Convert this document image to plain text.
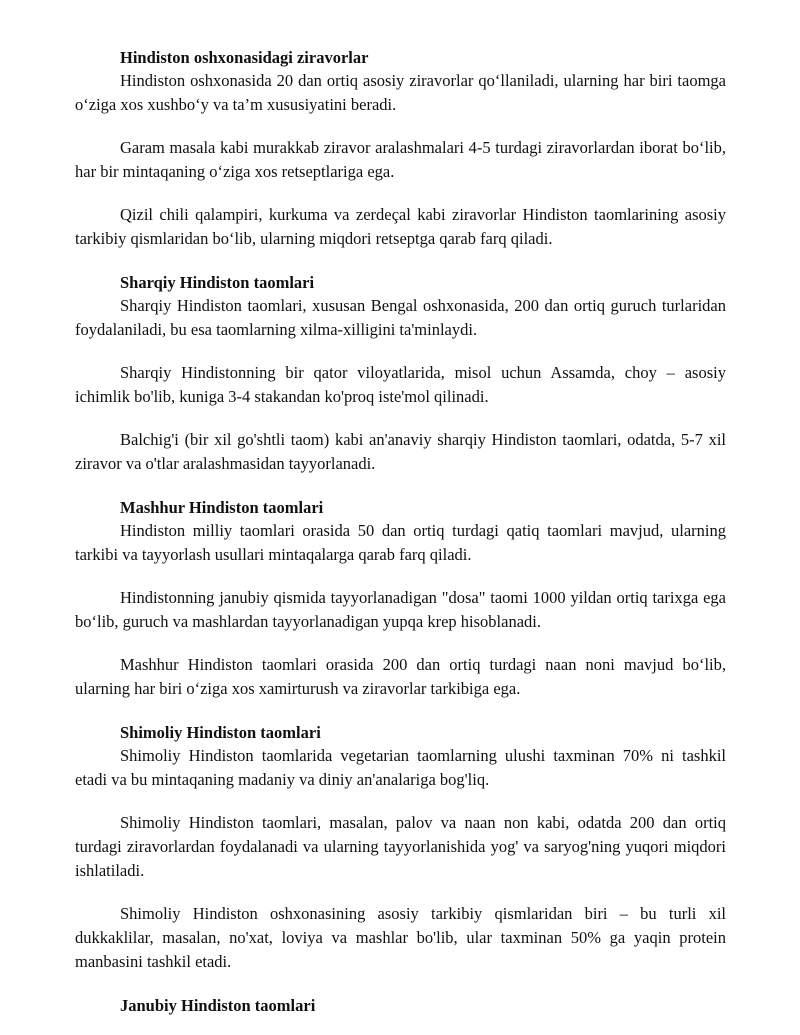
Hindiston oshxonasidagi ziravorlar

Hindiston oshxonasida 20 dan ortiq asosiy ziravorlar qo‘llaniladi, ularning har biri taomga o‘ziga xos xushbo‘y va ta’m xususiyatini beradi.

Garam masala kabi murakkab ziravor aralashmalari 4-5 turdagi ziravorlardan iborat bo‘lib, har bir mintaqaning o‘ziga xos retseptlariga ega.

Qizil chili qalampiri, kurkuma va zerdeçal kabi ziravorlar Hindiston taomlarining asosiy tarkibiy qismlaridan bo‘lib, ularning miqdori retseptga qarab farq qiladi.

Sharqiy Hindiston taomlari

Sharqiy Hindiston taomlari, xususan Bengal oshxonasida, 200 dan ortiq guruch turlaridan foydalaniladi, bu esa taomlarning xilma-xilligini ta'minlaydi.

Sharqiy Hindistonning bir qator viloyatlarida, misol uchun Assamda, choy – asosiy ichimlik bo'lib, kuniga 3-4 stakandan ko'proq iste'mol qilinadi.

Balchig'i (bir xil go'shtli taom) kabi an'anaviy sharqiy Hindiston taomlari, odatda, 5-7 xil ziravor va o'tlar aralashmasidan tayyorlanadi.

Mashhur Hindiston taomlari

Hindiston milliy taomlari orasida 50 dan ortiq turdagi qatiq taomlari mavjud, ularning tarkibi va tayyorlash usullari mintaqalarga qarab farq qiladi.

Hindistonning janubiy qismida tayyorlanadigan "dosa" taomi 1000 yildan ortiq tarixga ega bo‘lib, guruch va mashlardan tayyorlanadigan yupqa krep hisoblanadi.

Mashhur Hindiston taomlari orasida 200 dan ortiq turdagi naan noni mavjud bo‘lib, ularning har biri o‘ziga xos xamirturush va ziravorlar tarkibiga ega.

Shimoliy Hindiston taomlari

Shimoliy Hindiston taomlarida vegetarian taomlarning ulushi taxminan 70% ni tashkil etadi va bu mintaqaning madaniy va diniy an'analariga bog'liq.

Shimoliy Hindiston taomlari, masalan, palov va naan non kabi, odatda 200 dan ortiq turdagi ziravorlardan foydalanadi va ularning tayyorlanishida yog' va saryog'ning yuqori miqdori ishlatiladi.

Shimoliy Hindiston oshxonasining asosiy tarkibiy qismlaridan biri – bu turli xil dukkaklilar, masalan, no'xat, loviya va mashlar bo'lib, ular taxminan 50% ga yaqin protein manbasini tashkil etadi.

Janubiy Hindiston taomlari
